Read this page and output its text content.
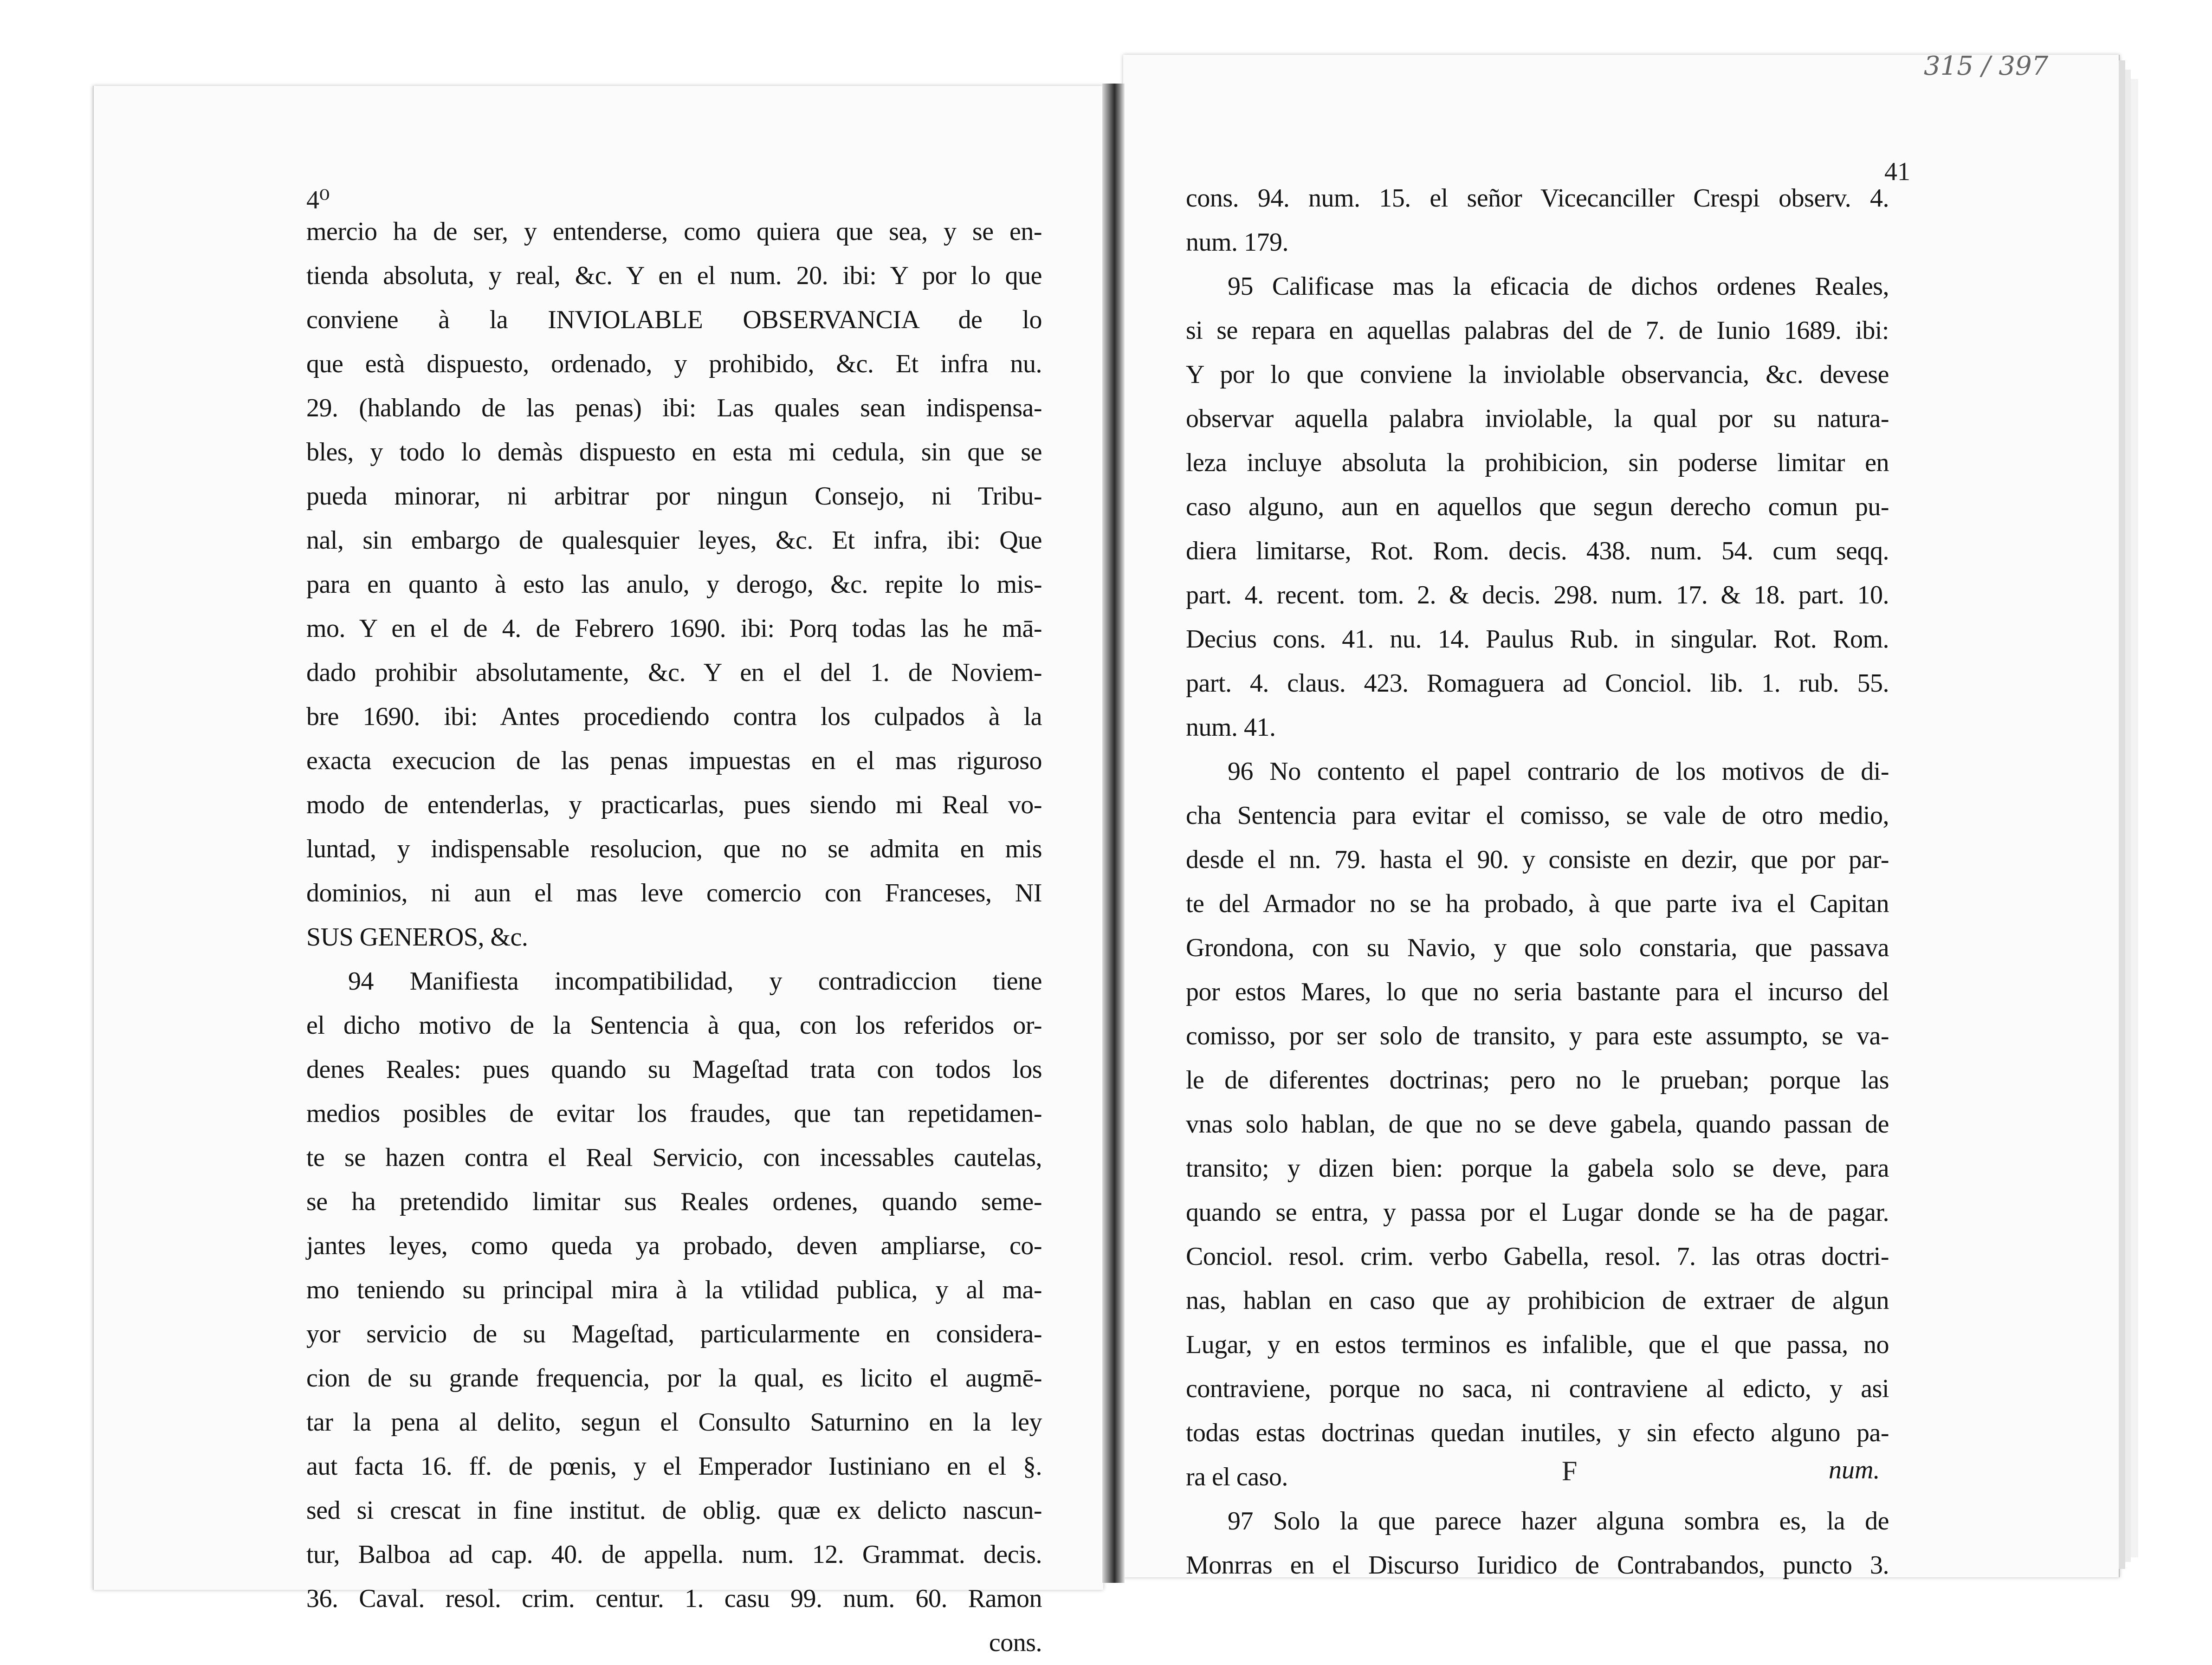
315 / 397
4⁰
41
mercio ha de ser, y entenderse, como quiera que sea, y se en-
tienda absoluta, y real, &c. Y en el num. 20. ibi: Y por lo que
conviene à la INVIOLABLE OBSERVANCIA de lo
que està dispuesto, ordenado, y prohibido, &c. Et infra nu.
29. (hablando de las penas) ibi: Las quales sean indispensa-
bles, y todo lo demàs dispuesto en esta mi cedula, sin que se
pueda minorar, ni arbitrar por ningun Consejo, ni Tribu-
nal, sin embargo de qualesquier leyes, &c. Et infra, ibi: Que
para en quanto à esto las anulo, y derogo, &c. repite lo mis-
mo. Y en el de 4. de Febrero 1690. ibi: Porq todas las he mā-
dado prohibir absolutamente, &c. Y en el del 1. de Noviem-
bre 1690. ibi: Antes procediendo contra los culpados à la
exacta execucion de las penas impuestas en el mas riguroso
modo de entenderlas, y practicarlas, pues siendo mi Real vo-
luntad, y indispensable resolucion, que no se admita en mis
dominios, ni aun el mas leve comercio con Franceses, NI
SUS GENEROS, &c.
94 Manifiesta incompatibilidad, y contradiccion tiene
el dicho motivo de la Sentencia à qua, con los referidos or-
denes Reales: pues quando su Mageſtad trata con todos los
medios posibles de evitar los fraudes, que tan repetidamen-
te se hazen contra el Real Servicio, con incessables cautelas,
se ha pretendido limitar sus Reales ordenes, quando seme-
jantes leyes, como queda ya probado, deven ampliarse, co-
mo teniendo su principal mira à la vtilidad publica, y al ma-
yor servicio de su Mageſtad, particularmente en considera-
cion de su grande frequencia, por la qual, es licito el augmē-
tar la pena al delito, segun el Consulto Saturnino en la ley
aut facta 16. ff. de pœnis, y el Emperador Iustiniano en el §.
sed si crescat in fine institut. de oblig. quæ ex delicto nascun-
tur, Balboa ad cap. 40. de appella. num. 12. Grammat. decis.
36. Caval. resol. crim. centur. 1. casu 99. num. 60. Ramon
cons.
cons. 94. num. 15. el señor Vicecanciller Crespi observ. 4.
num. 179.
95 Calificase mas la eficacia de dichos ordenes Reales,
si se repara en aquellas palabras del de 7. de Iunio 1689. ibi:
Y por lo que conviene la inviolable observancia, &c. devese
observar aquella palabra inviolable, la qual por su natura-
leza incluye absoluta la prohibicion, sin poderse limitar en
caso alguno, aun en aquellos que segun derecho comun pu-
diera limitarse, Rot. Rom. decis. 438. num. 54. cum seqq.
part. 4. recent. tom. 2. & decis. 298. num. 17. & 18. part. 10.
Decius cons. 41. nu. 14. Paulus Rub. in singular. Rot. Rom.
part. 4. claus. 423. Romaguera ad Conciol. lib. 1. rub. 55.
num. 41.
96 No contento el papel contrario de los motivos de di-
cha Sentencia para evitar el comisso, se vale de otro medio,
desde el nn. 79. hasta el 90. y consiste en dezir, que por par-
te del Armador no se ha probado, à que parte iva el Capitan
Grondona, con su Navio, y que solo constaria, que passava
por estos Mares, lo que no seria bastante para el incurso del
comisso, por ser solo de transito, y para este assumpto, se va-
le de diferentes doctrinas; pero no le prueban; porque las
vnas solo hablan, de que no se deve gabela, quando passan de
transito; y dizen bien: porque la gabela solo se deve, para
quando se entra, y passa por el Lugar donde se ha de pagar.
Conciol. resol. crim. verbo Gabella, resol. 7. las otras doctri-
nas, hablan en caso que ay prohibicion de extraer de algun
Lugar, y en estos terminos es infalible, que el que passa, no
contraviene, porque no saca, ni contraviene al edicto, y asi
todas estas doctrinas quedan inutiles, y sin efecto alguno pa-
ra el caso.
97 Solo la que parece hazer alguna sombra es, la de
Monrras en el Discurso Iuridico de Contrabandos, puncto 3.
F	num.
